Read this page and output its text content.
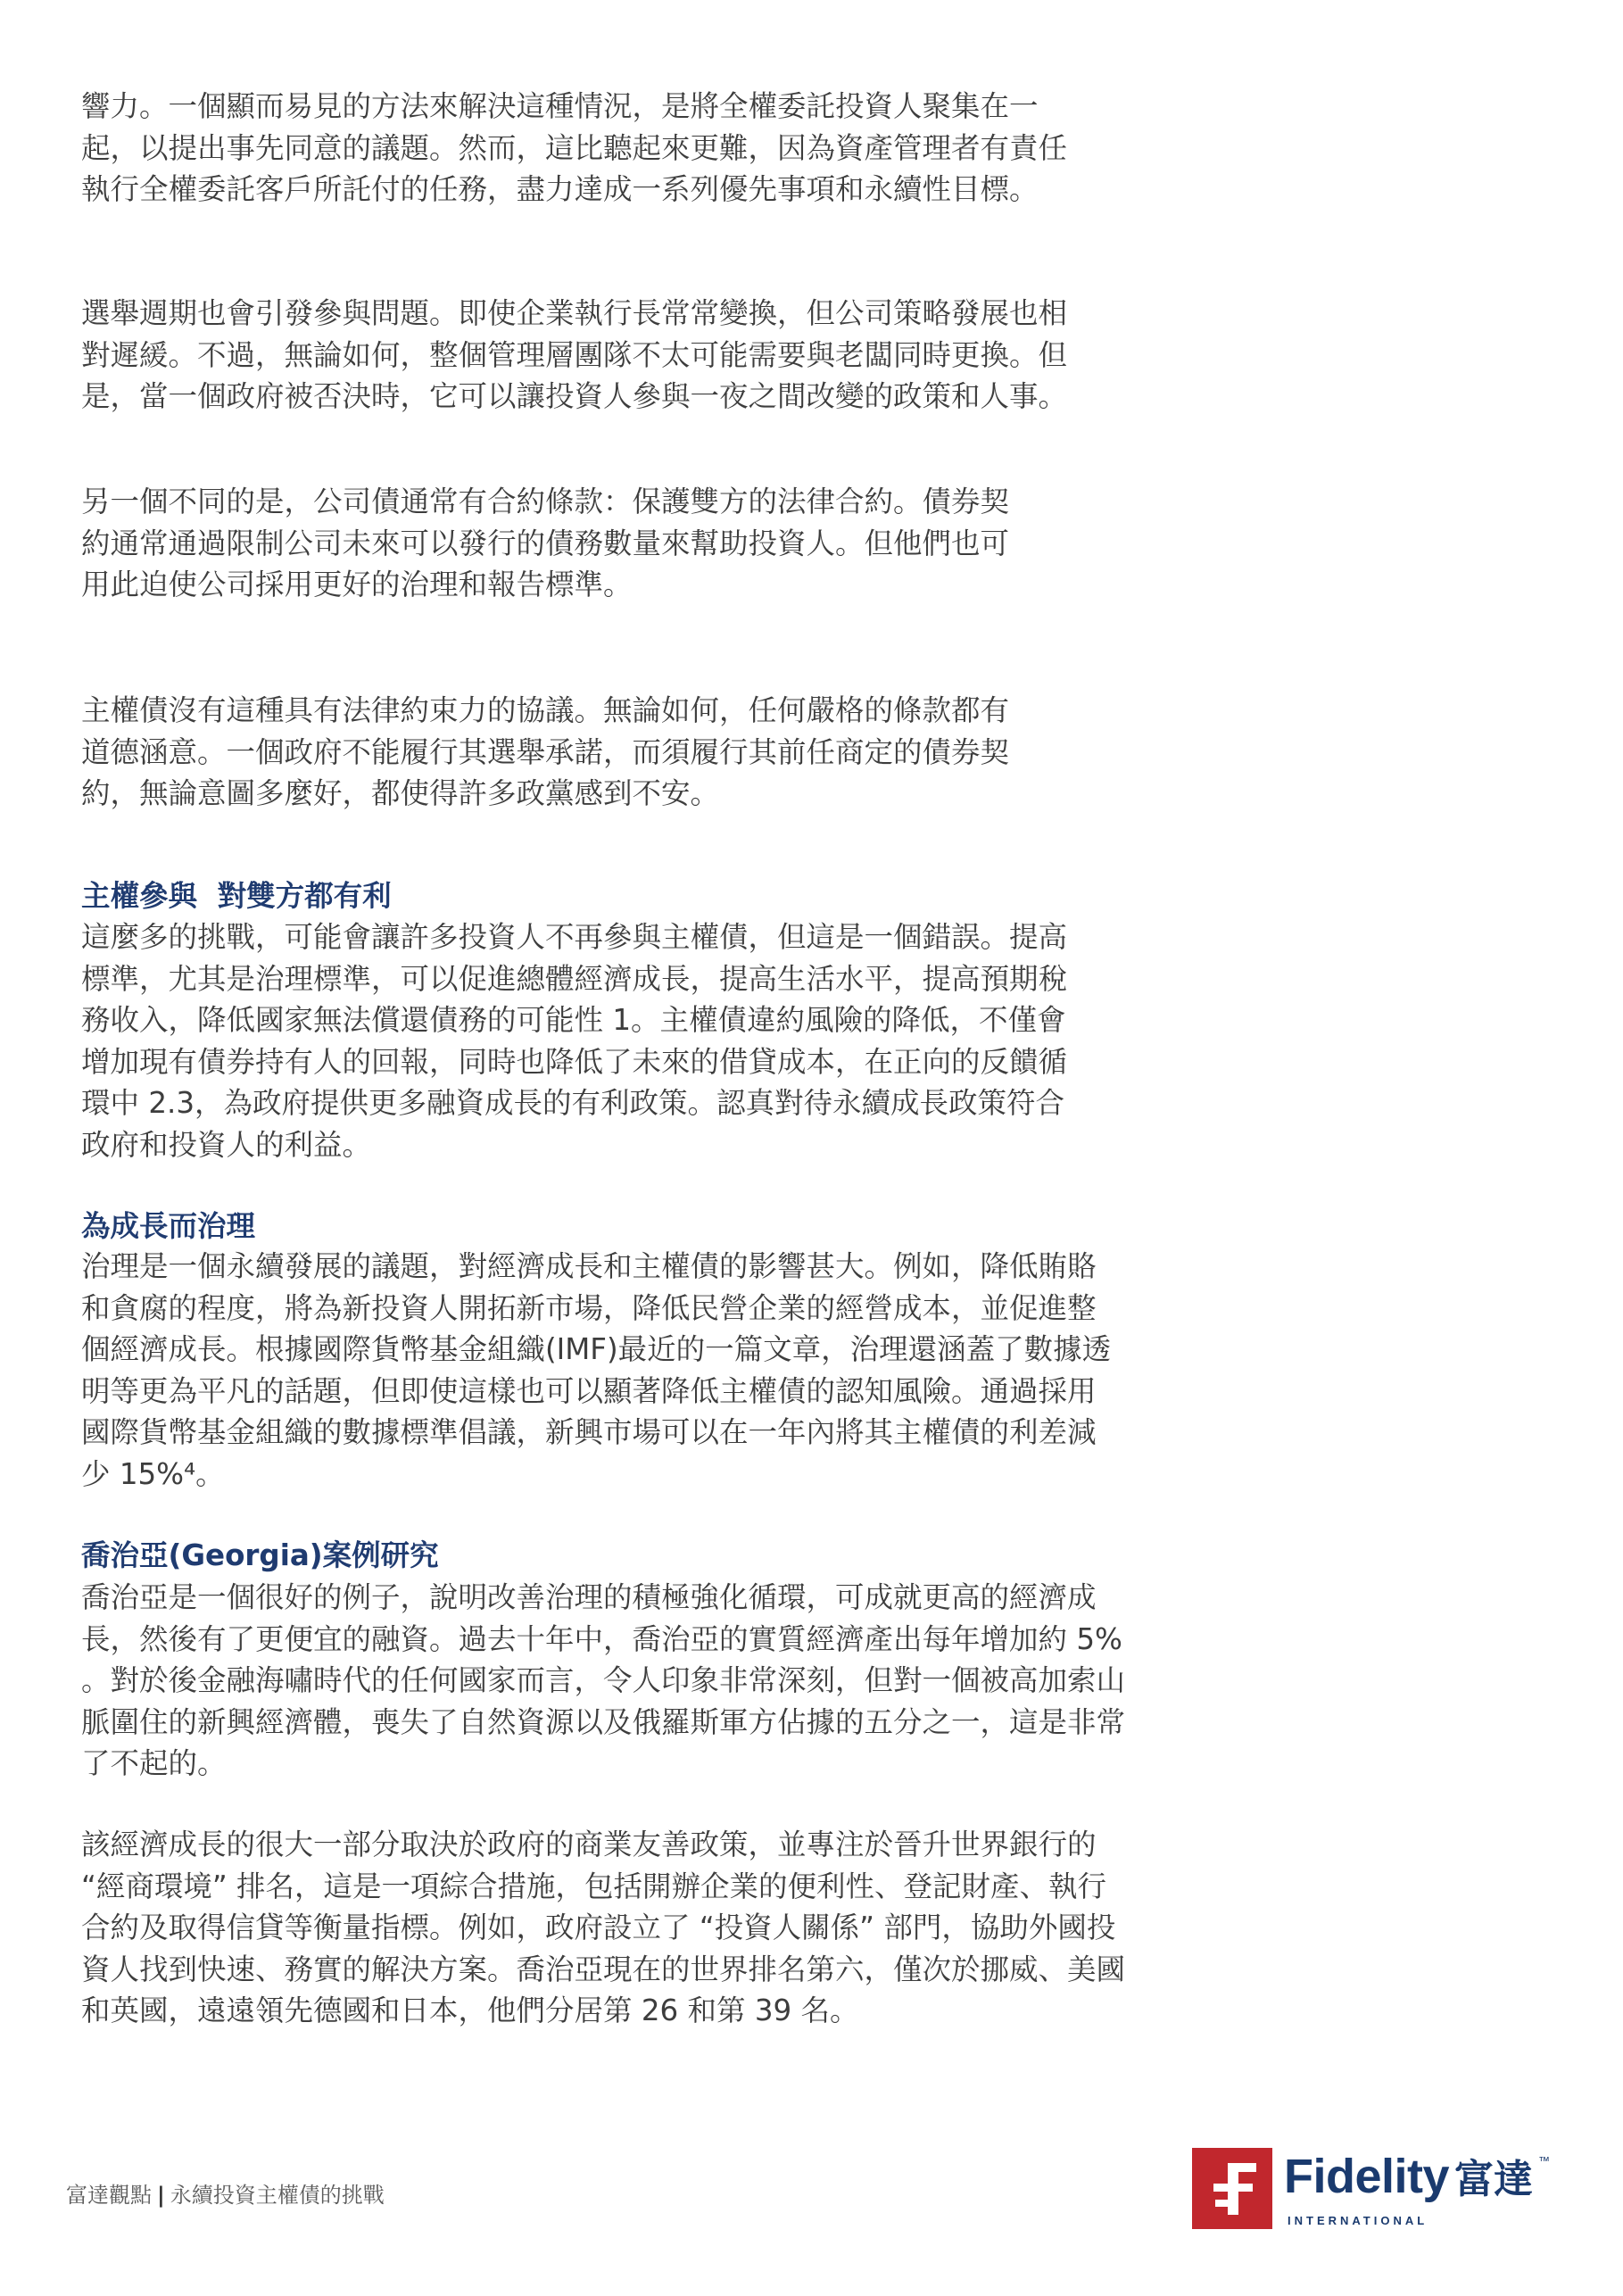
響力。一個顯而易見的方法來解決這種情況，是將全權委託投資人聚集在一
起，以提出事先同意的議題。然而，這比聽起來更難，因為資產管理者有責任
執行全權委託客戶所託付的任務，盡力達成一系列優先事項和永續性目標。
選舉週期也會引發參與問題。即使企業執行長常常變換，但公司策略發展也相
對遲緩。不過，無論如何，整個管理層團隊不太可能需要與老闆同時更換。但
是，當一個政府被否決時，它可以讓投資人參與一夜之間改變的政策和人事。
另一個不同的是，公司債通常有合約條款：保護雙方的法律合約。債券契
約通常通過限制公司未來可以發行的債務數量來幫助投資人。但他們也可
用此迫使公司採用更好的治理和報告標準。
主權債沒有這種具有法律約束力的協議。無論如何，任何嚴格的條款都有
道德涵意。一個政府不能履行其選舉承諾，而須履行其前任商定的債券契
約，無論意圖多麼好，都使得許多政黨感到不安。
主權參與  對雙方都有利
這麼多的挑戰，可能會讓許多投資人不再參與主權債，但這是一個錯誤。提高
標準，尤其是治理標準，可以促進總體經濟成長，提高生活水平，提高預期稅
務收入，降低國家無法償還債務的可能性 1。主權債違約風險的降低，不僅會
增加現有債券持有人的回報，同時也降低了未來的借貸成本，在正向的反饋循
環中 2.3，為政府提供更多融資成長的有利政策。認真對待永續成長政策符合
政府和投資人的利益。
為成長而治理
治理是一個永續發展的議題，對經濟成長和主權債的影響甚大。例如，降低賄賂
和貪腐的程度，將為新投資人開拓新市場，降低民營企業的經營成本，並促進整
個經濟成長。根據國際貨幣基金組織(IMF)最近的一篇文章，治理還涵蓋了數據透
明等更為平凡的話題，但即使這樣也可以顯著降低主權債的認知風險。通過採用
國際貨幣基金組織的數據標準倡議，新興市場可以在一年內將其主權債的利差減
少 15%⁴。
喬治亞(Georgia)案例研究
喬治亞是一個很好的例子，說明改善治理的積極強化循環，可成就更高的經濟成
長，然後有了更便宜的融資。過去十年中，喬治亞的實質經濟產出每年增加約 5%
。對於後金融海嘯時代的任何國家而言，令人印象非常深刻，但對一個被高加索山
脈圍住的新興經濟體，喪失了自然資源以及俄羅斯軍方佔據的五分之一，這是非常
了不起的。
該經濟成長的很大一部分取決於政府的商業友善政策，並專注於晉升世界銀行的
“經商環境” 排名，這是一項綜合措施，包括開辦企業的便利性、登記財產、執行
合約及取得信貸等衡量指標。例如，政府設立了 “投資人關係” 部門，協助外國投
資人找到快速、務實的解決方案。喬治亞現在的世界排名第六，僅次於挪威、美國
和英國，遠遠領先德國和日本，他們分居第 26 和第 39 名。
富達觀點 | 永續投資主權債的挑戰	Fidelity 富達 ™
INTERNATIONAL
